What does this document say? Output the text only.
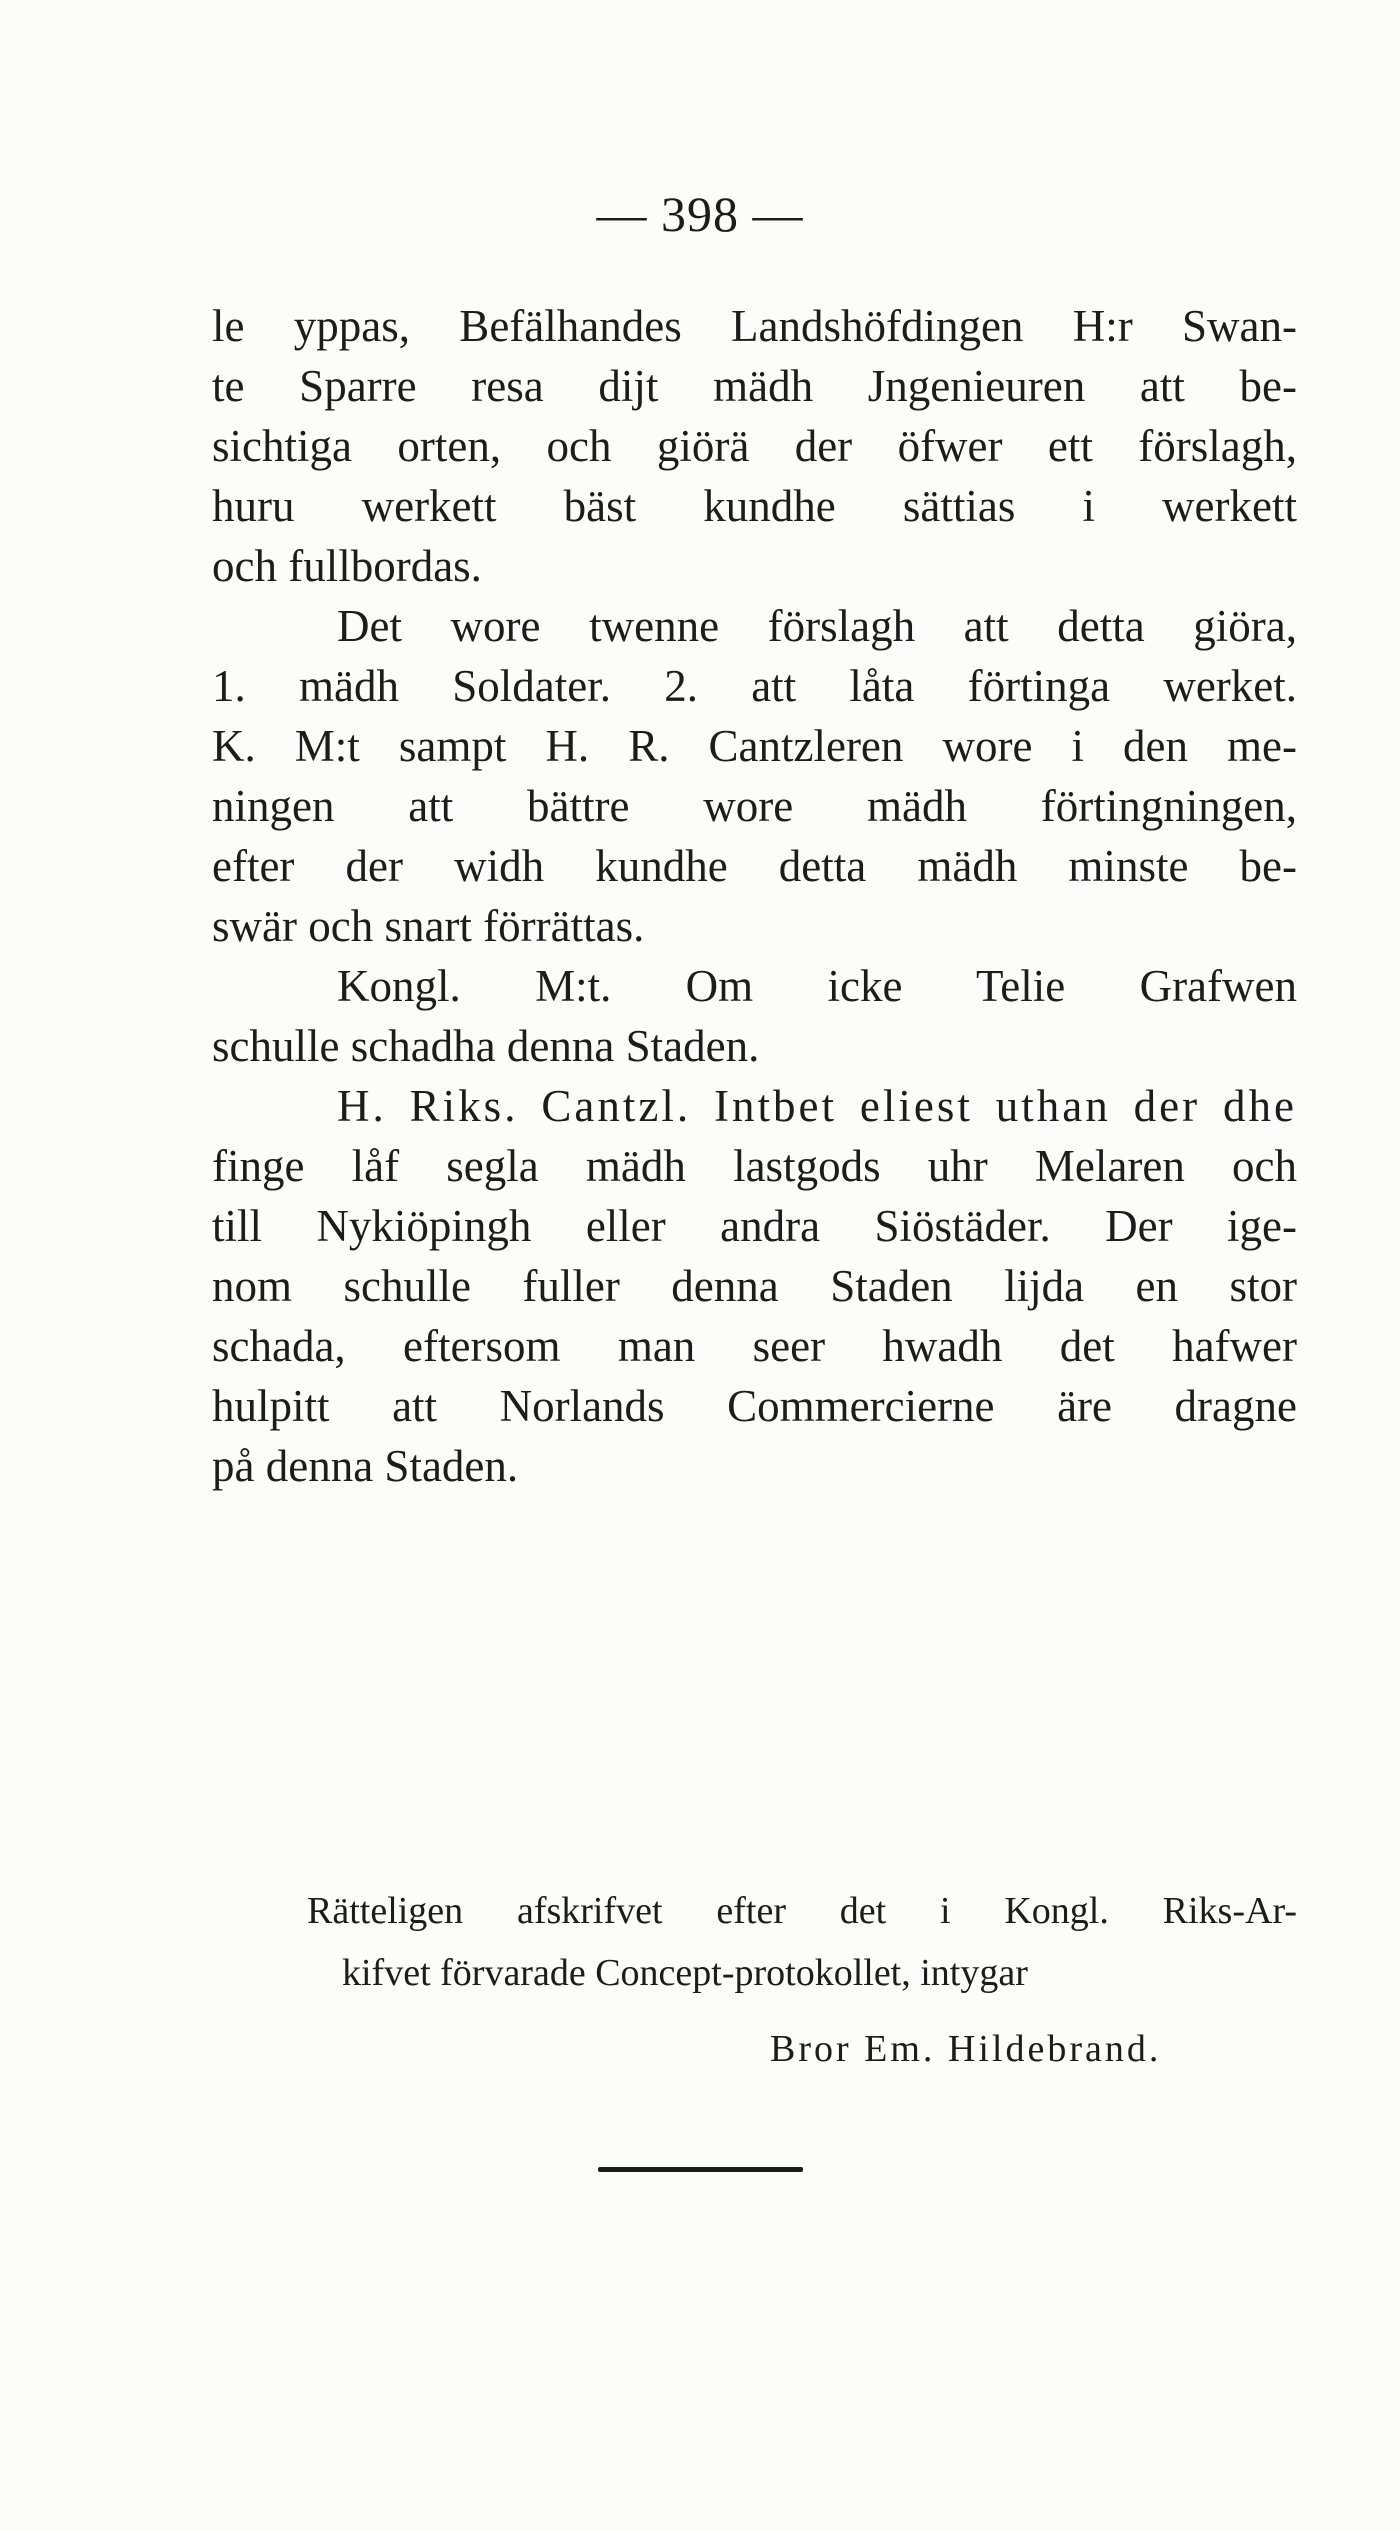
— 398 —
le yppas, Befälhandes Landshöfdingen H:r Swan-
te Sparre resa dijt mädh Jngenieuren att be-
sichtiga orten, och giörä der öfwer ett förslagh,
huru werkett bäst kundhe sättias i werkett
och fullbordas.
Det wore twenne förslagh att detta giöra,
1. mädh Soldater. 2. att låta förtinga werket.
K. M:t sampt H. R. Cantzleren wore i den me-
ningen att bättre wore mädh förtingningen,
efter der widh kundhe detta mädh minste be-
swär och snart förrättas.
Kongl. M:t. Om icke Telie Grafwen
schulle schadha denna Staden.
H. Riks. Cantzl. Intbet eliest uthan der dhe
finge låf segla mädh lastgods uhr Melaren och
till Nykiöpingh eller andra Siöstäder. Der ige-
nom schulle fuller denna Staden lijda en stor
schada, eftersom man seer hwadh det hafwer
hulpitt att Norlands Commercierne äre dragne
på denna Staden.
Rätteligen afskrifvet efter det i Kongl. Riks-Ar-
kifvet förvarade Concept-protokollet, intygar
Bror Em. Hildebrand.
